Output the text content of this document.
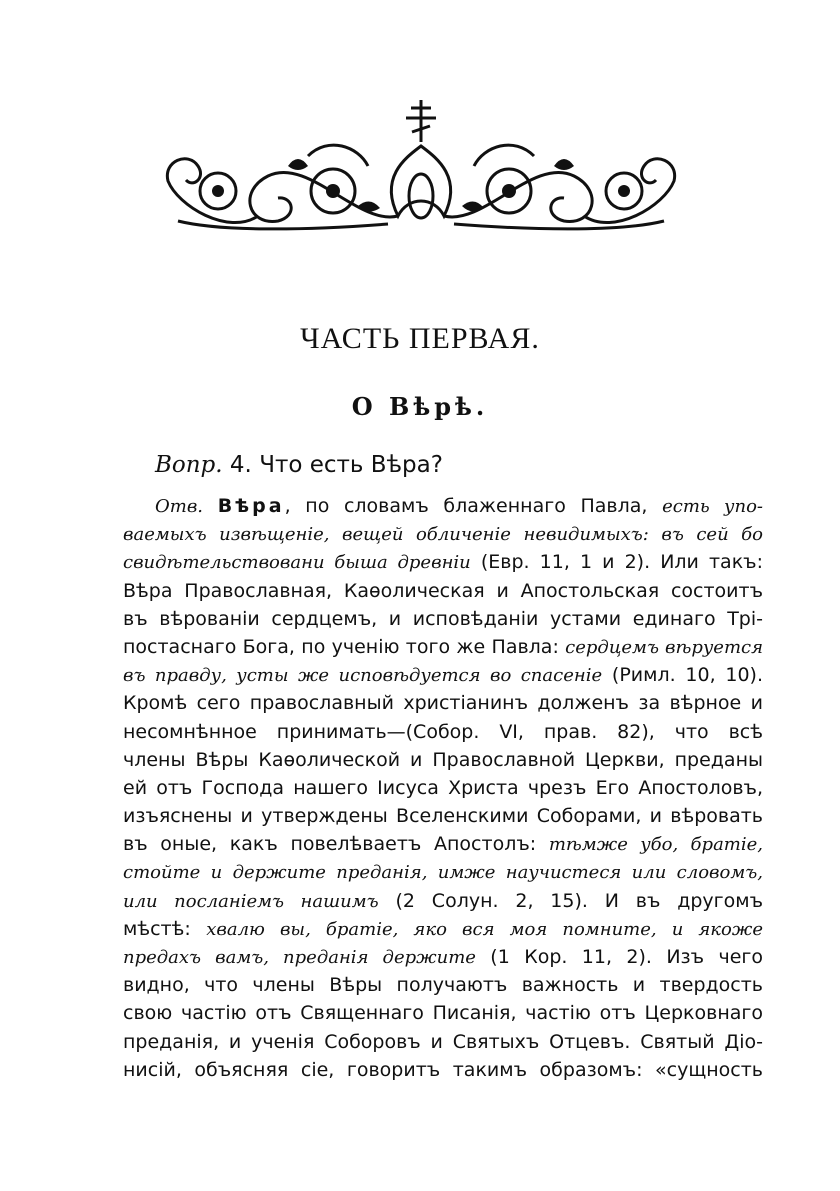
ЧАСТЬ ПЕРВАЯ.
О Вѣрѣ.
Вопр. 4. Что есть Вѣра?
Отв. Вѣра, по словамъ блаженнаго Павла, есть упо-
ваемыхъ извѣщеніе, вещей обличеніе невидимыхъ: въ сей бо
свидѣтельствовани быша древніи (Евр. 11, 1 и 2). Или такъ:
Вѣра Православная, Каѳолическая и Апостольская состоитъ
въ вѣрованіи сердцемъ, и исповѣданіи устами единаго Трі-
постаснаго Бога, по ученію того же Павла: сердцемъ вѣруется
въ правду, усты же исповѣдуется во спасеніе (Римл. 10, 10).
Кромѣ сего православный христіанинъ долженъ за вѣрное и
несомнѣнное принимать—(Собор. VI, прав. 82), что всѣ
члены Вѣры Каѳолической и Православной Церкви, преданы
ей отъ Господа нашего Іисуса Христа чрезъ Его Апостоловъ,
изъяснены и утверждены Вселенскими Соборами, и вѣровать
въ оные, какъ повелѣваетъ Апостолъ: тѣмже убо, братіе,
стойте и держите преданія, имже научистеся или словомъ,
или посланіемъ нашимъ (2 Солун. 2, 15). И въ другомъ
мѣстѣ: хвалю вы, братіе, яко вся моя помните, и якоже
предахъ вамъ, преданія держите (1 Кор. 11, 2). Изъ чего
видно, что члены Вѣры получаютъ важность и твердость
свою частію отъ Священнаго Писанія, частію отъ Церковнаго
преданія, и ученія Соборовъ и Святыхъ Отцевъ. Святый Діо-
нисій, объясняя сіе, говоритъ такимъ образомъ: «сущность
